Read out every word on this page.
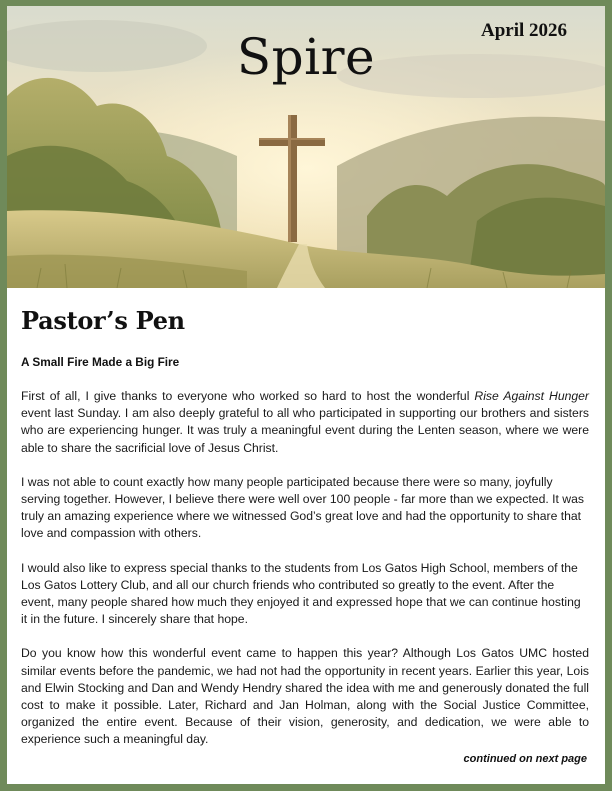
Spire	April 2026
Pastor’s Pen
A Small Fire Made a Big Fire

First of all, I give thanks to everyone who worked so hard to host the wonderful Rise Against Hunger event last Sunday. I am also deeply grateful to all who participated in supporting our brothers and sisters who are experiencing hunger. It was truly a meaningful event during the Lenten season, where we were able to share the sacrificial love of Jesus Christ.

I was not able to count exactly how many people participated because there were so many, joyfully serving together. However, I believe there were well over 100 people - far more than we expected. It was truly an amazing experience where we witnessed God’s great love and had the opportunity to share that love and compassion with others.

I would also like to express special thanks to the students from Los Gatos High School, members of the Los Gatos Lottery Club, and all our church friends who contributed so greatly to the event. After the event, many people shared how much they enjoyed it and expressed hope that we can continue hosting it in the future. I sincerely share that hope.

Do you know how this wonderful event came to happen this year? Although Los Gatos UMC hosted similar events before the pandemic, we had not had the opportunity in recent years. Earlier this year, Lois and Elwin Stocking and Dan and Wendy Hendry shared the idea with me and generously donated the full cost to make it possible. Later, Richard and Jan Holman, along with the Social Justice Committee, organized the entire event. Because of their vision, generosity, and dedication, we were able to experience such a meaningful day.

continued on next page
